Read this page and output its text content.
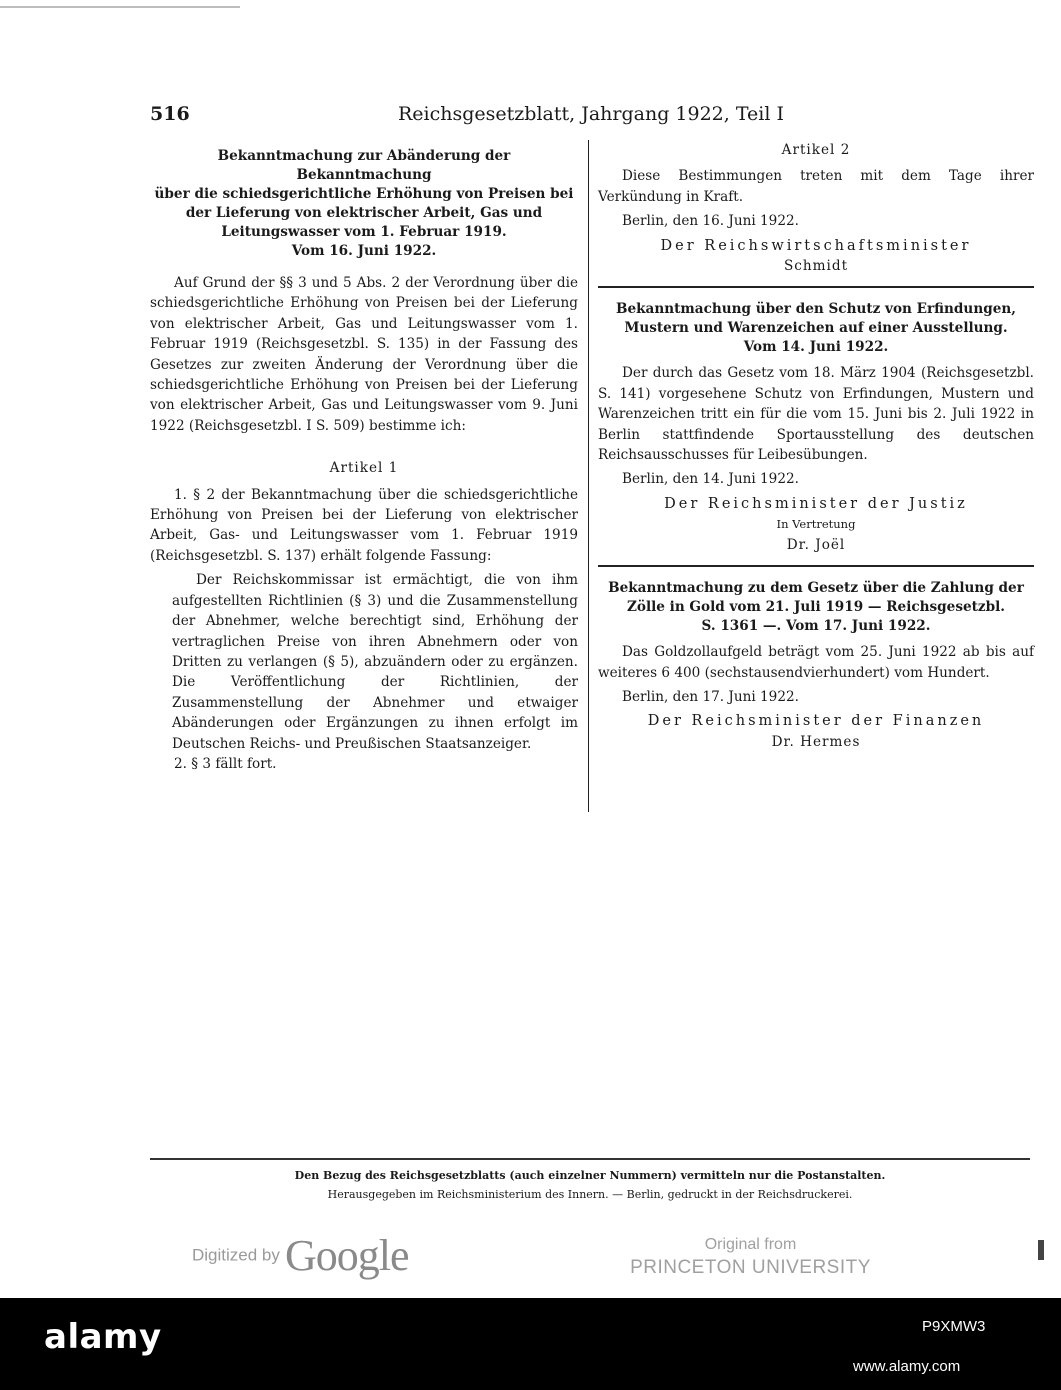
516	Reichsgesetzblatt, Jahrgang 1922, Teil I
Bekanntmachung zur Abänderung der Bekanntmachung
über die schiedsgerichtliche Erhöhung von Preisen bei
der Lieferung von elektrischer Arbeit, Gas und
Leitungswasser vom 1. Februar 1919.
Vom 16. Juni 1922.

Auf Grund der §§ 3 und 5 Abs. 2 der Verordnung über die schiedsgerichtliche Erhöhung von Preisen bei der Lieferung von elektrischer Arbeit, Gas und Leitungswasser vom 1. Februar 1919 (Reichsgesetzbl. S. 135) in der Fassung des Gesetzes zur zweiten Änderung der Verordnung über die schiedsgerichtliche Erhöhung von Preisen bei der Lieferung von elektrischer Arbeit, Gas und Leitungswasser vom 9. Juni 1922 (Reichsgesetzbl. I S. 509) bestimme ich:

Artikel 1

1. § 2 der Bekanntmachung über die schiedsgerichtliche Erhöhung von Preisen bei der Lieferung von elektrischer Arbeit, Gas- und Leitungswasser vom 1. Februar 1919 (Reichsgesetzbl. S. 137) erhält folgende Fassung:

Der Reichskommissar ist ermächtigt, die von ihm aufgestellten Richtlinien (§ 3) und die Zusammenstellung der Abnehmer, welche berechtigt sind, Erhöhung der vertraglichen Preise von ihren Abnehmern oder von Dritten zu verlangen (§ 5), abzuändern oder zu ergänzen. Die Veröffentlichung der Richtlinien, der Zusammenstellung der Abnehmer und etwaiger Abänderungen oder Ergänzungen zu ihnen erfolgt im Deutschen Reichs- und Preußischen Staatsanzeiger.

2. § 3 fällt fort.

Artikel 2

Diese Bestimmungen treten mit dem Tage ihrer Verkündung in Kraft.

Berlin, den 16. Juni 1922.

Der Reichswirtschaftsminister
Schmidt
Bekanntmachung über den Schutz von Erfindungen,
Mustern und Warenzeichen auf einer Ausstellung.
Vom 14. Juni 1922.

Der durch das Gesetz vom 18. März 1904 (Reichsgesetzbl. S. 141) vorgesehene Schutz von Erfindungen, Mustern und Warenzeichen tritt ein für die vom 15. Juni bis 2. Juli 1922 in Berlin stattfindende Sportausstellung des deutschen Reichsausschusses für Leibesübungen.

Berlin, den 14. Juni 1922.

Der Reichsminister der Justiz
In Vertretung
Dr. Joël
Bekanntmachung zu dem Gesetz über die Zahlung der
Zölle in Gold vom 21. Juli 1919 — Reichsgesetzbl.
S. 1361 —. Vom 17. Juni 1922.

Das Goldzollaufgeld beträgt vom 25. Juni 1922 ab bis auf weiteres 6 400 (sechstausendvierhundert) vom Hundert.

Berlin, den 17. Juni 1922.

Der Reichsminister der Finanzen
Dr. Hermes
Den Bezug des Reichsgesetzblatts (auch einzelner Nummern) vermitteln nur die Postanstalten.
Herausgegeben im Reichsministerium des Innern. — Berlin, gedruckt in der Reichsdruckerei.
Digitized by Google	Original from
PRINCETON UNIVERSITY
alamy	P9XMW3
www.alamy.com
